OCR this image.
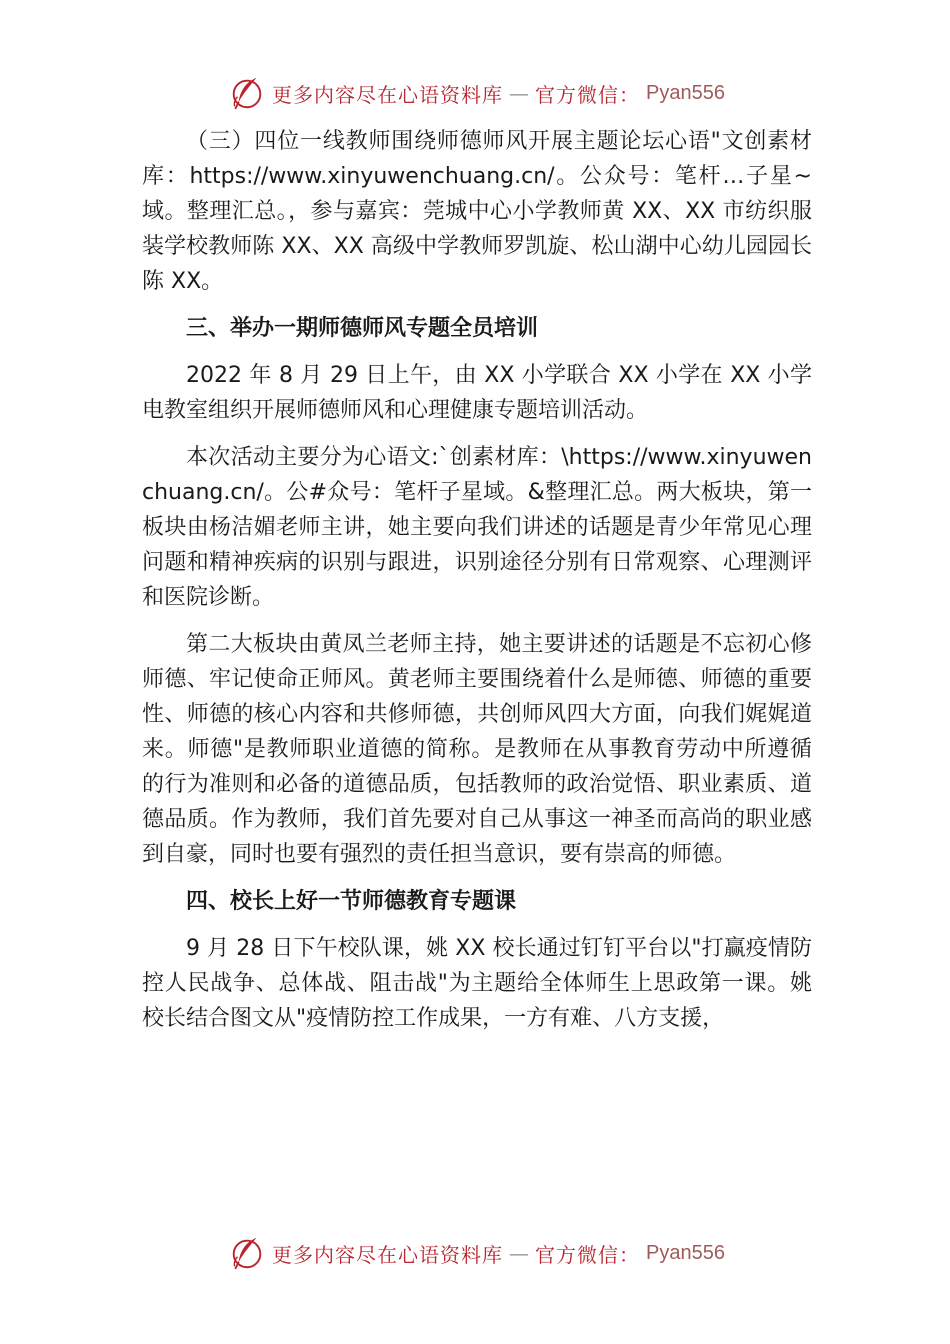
更多内容尽在心语资料库 — 官方微信： Pyan556

（三）四位一线教师围绕师德师风开展主题论坛心语"文创素材库：https://www.xinyuwenchuang.cn/。公众号：笔杆…子星~域。整理汇总。，参与嘉宾：莞城中心小学教师黄 XX、XX 市纺织服装学校教师陈 XX、XX 高级中学教师罗凯旋、松山湖中心幼儿园园长陈 XX。

三、举办一期师德师风专题全员培训

2022 年 8 月 29 日上午，由 XX 小学联合 XX 小学在 XX 小学电教室组织开展师德师风和心理健康专题培训活动。

本次活动主要分为心语文:`创素材库：\https://www.xinyuwenchuang.cn/。公#众号：笔杆子星域。&整理汇总。两大板块，第一板块由杨洁媚老师主讲，她主要向我们讲述的话题是青少年常见心理问题和精神疾病的识别与跟进，识别途径分别有日常观察、心理测评和医院诊断。

第二大板块由黄凤兰老师主持，她主要讲述的话题是不忘初心修师德、牢记使命正师风。黄老师主要围绕着什么是师德、师德的重要性、师德的核心内容和共修师德，共创师风四大方面，向我们娓娓道来。师德"是教师职业道德的简称。是教师在从事教育劳动中所遵循的行为准则和必备的道德品质，包括教师的政治觉悟、职业素质、道德品质。作为教师，我们首先要对自己从事这一神圣而高尚的职业感到自豪，同时也要有强烈的责任担当意识，要有崇高的师德。

四、校长上好一节师德教育专题课

9 月 28 日下午校队课，姚 XX 校长通过钉钉平台以"打赢疫情防控人民战争、总体战、阻击战"为主题给全体师生上思政第一课。姚校长结合图文从"疫情防控工作成果，一方有难、八方支援，

更多内容尽在心语资料库 — 官方微信： Pyan556
